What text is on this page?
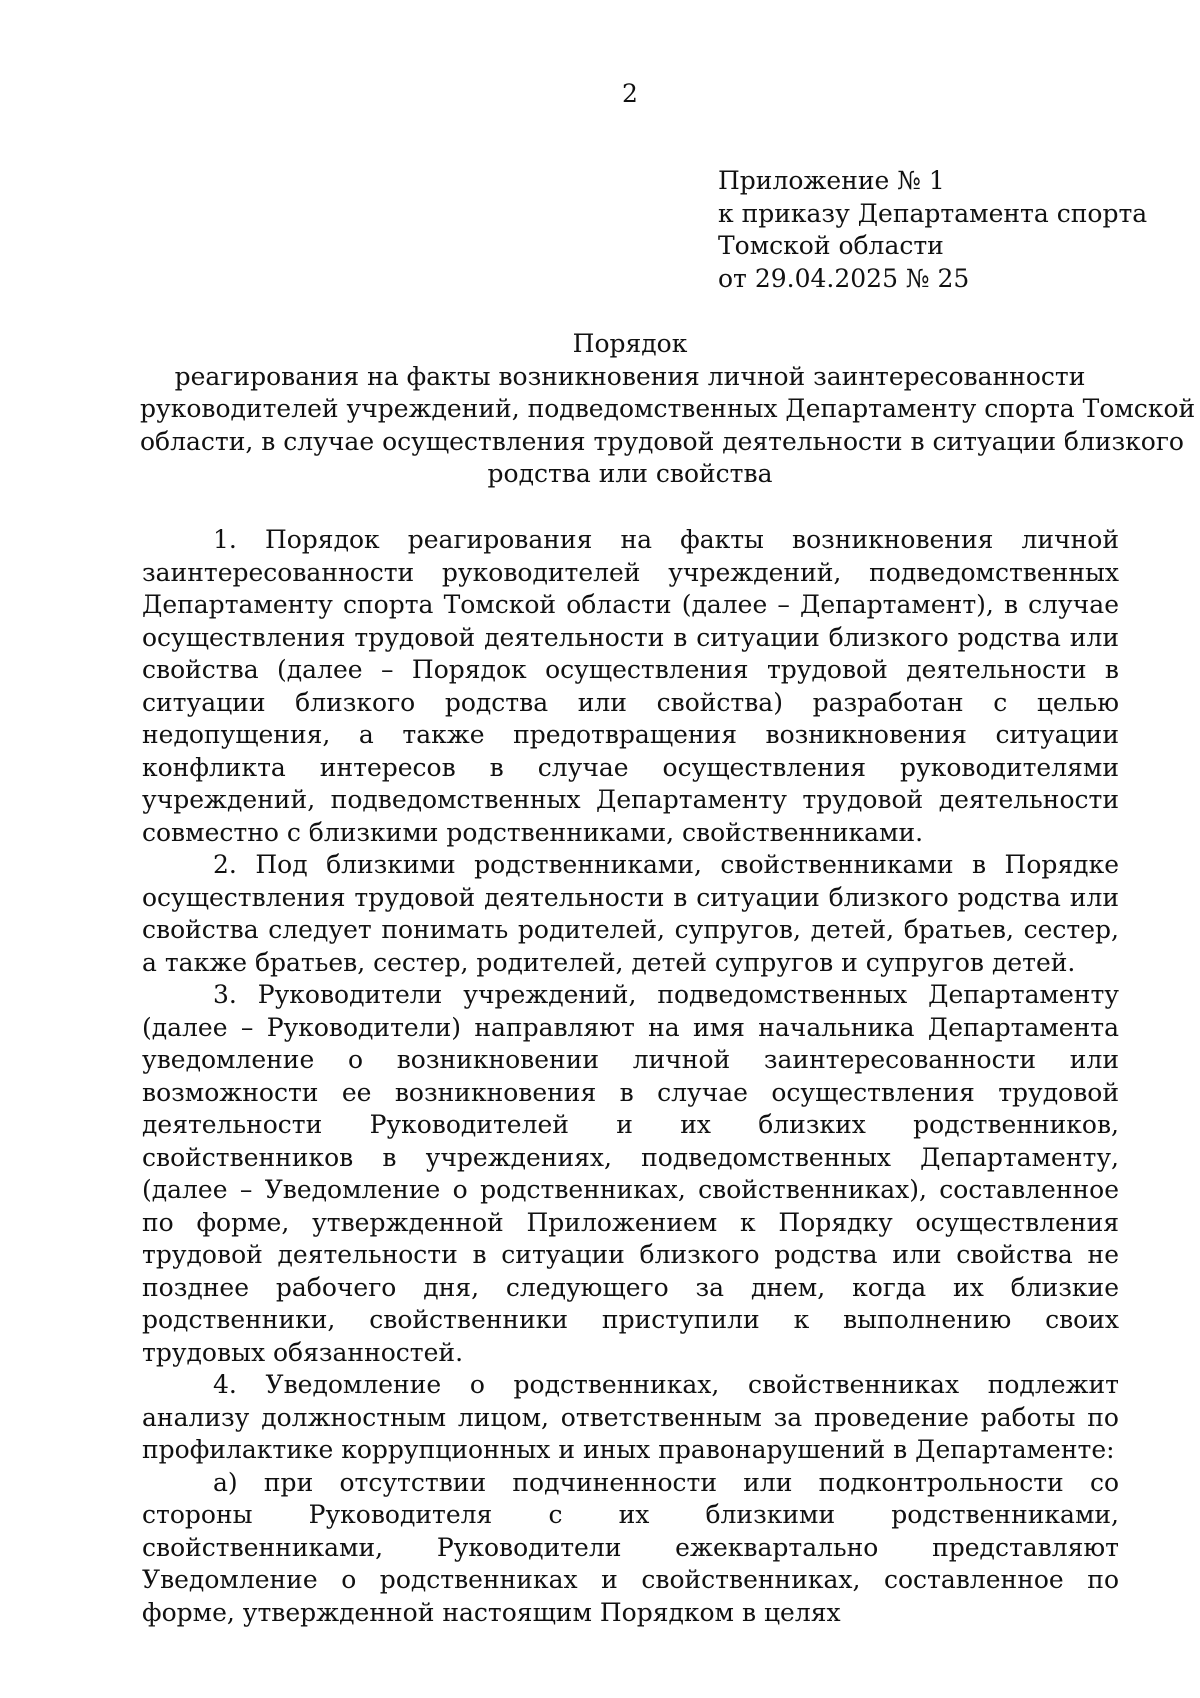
2
Приложение № 1
к приказу Департамента спорта
Томской области
от 29.04.2025 № 25
Порядок
реагирования на факты возникновения личной заинтересованности
руководителей учреждений, подведомственных Департаменту спорта Томской
области, в случае осуществления трудовой деятельности в ситуации близкого
родства или свойства

1. Порядок реагирования на факты возникновения личной заинтересованности руководителей учреждений, подведомственных Департаменту спорта Томской области (далее – Департамент), в случае осуществления трудовой деятельности в ситуации близкого родства или свойства (далее – Порядок осуществления трудовой деятельности в ситуации близкого родства или свойства) разработан с целью недопущения, а также предотвращения возникновения ситуации конфликта интересов в случае осуществления руководителями учреждений, подведомственных Департаменту трудовой деятельности совместно с близкими родственниками, свойственниками.

2. Под близкими родственниками, свойственниками в Порядке осуществления трудовой деятельности в ситуации близкого родства или свойства следует понимать родителей, супругов, детей, братьев, сестер, а также братьев, сестер, родителей, детей супругов и супругов детей.

3. Руководители учреждений, подведомственных Департаменту (далее – Руководители) направляют на имя начальника Департамента уведомление о возникновении личной заинтересованности или возможности ее возникновения в случае осуществления трудовой деятельности Руководителей и их близких родственников, свойственников в учреждениях, подведомственных Департаменту, (далее – Уведомление о родственниках, свойственниках), составленное по форме, утвержденной Приложением к Порядку осуществления трудовой деятельности в ситуации близкого родства или свойства не позднее рабочего дня, следующего за днем, когда их близкие родственники, свойственники приступили к выполнению своих трудовых обязанностей.

4. Уведомление о родственниках, свойственниках подлежит анализу должностным лицом, ответственным за проведение работы по профилактике коррупционных и иных правонарушений в Департаменте:

а) при отсутствии подчиненности или подконтрольности со стороны Руководителя с их близкими родственниками, свойственниками, Руководители ежеквартально представляют Уведомление о родственниках и свойственниках, составленное по форме, утвержденной настоящим Порядком в целях
